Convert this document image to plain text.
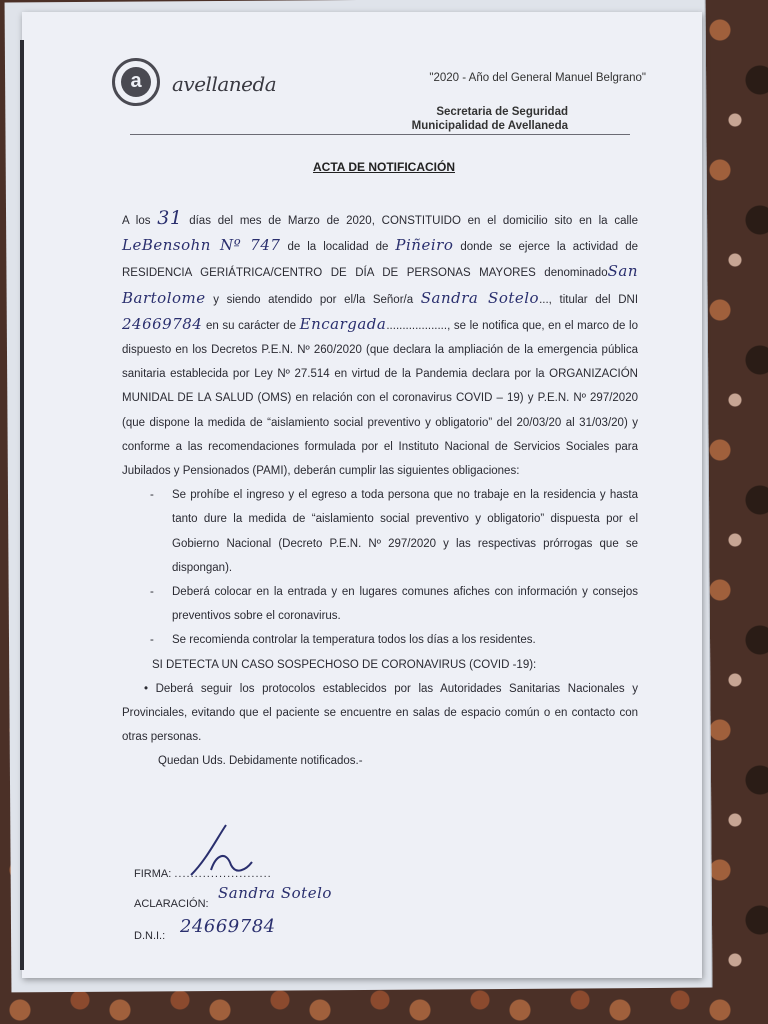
a	avellaneda	"2020 - Año del General Manuel Belgrano"
Secretaria de Seguridad
Municipalidad de Avellaneda
ACTA DE NOTIFICACIÓN

A los 31 días del mes de Marzo de 2020, CONSTITUIDO en el domicilio sito en la calle LeBensohn Nº 747 de la localidad de Piñeiro donde se ejerce la actividad de RESIDENCIA GERIÁTRICA/CENTRO DE DÍA DE PERSONAS MAYORES denominadoSan Bartolome y siendo atendido por el/la Señor/a Sandra Sotelo..., titular del DNI 24669784 en su carácter de Encargada..................., se le notifica que, en el marco de lo dispuesto en los Decretos P.E.N. Nº 260/2020 (que declara la ampliación de la emergencia pública sanitaria establecida por Ley Nº 27.514 en virtud de la Pandemia declara por la ORGANIZACIÓN MUNIDAL DE LA SALUD (OMS) en relación con el coronavirus COVID – 19) y P.E.N. Nº 297/2020 (que dispone la medida de “aislamiento social preventivo y obligatorio” del 20/03/20 al 31/03/20) y conforme a las recomendaciones formulada por el Instituto Nacional de Servicios Sociales para Jubilados y Pensionados (PAMI), deberán cumplir las siguientes obligaciones:

- Se prohíbe el ingreso y el egreso a toda persona que no trabaje en la residencia y hasta tanto dure la medida de “aislamiento social preventivo y obligatorio” dispuesta por el Gobierno Nacional (Decreto P.E.N. Nº 297/2020 y las respectivas prórrogas que se dispongan).
- Deberá colocar en la entrada y en lugares comunes afiches con información y consejos preventivos sobre el coronavirus.
- Se recomienda controlar la temperatura todos los días a los residentes.

SI DETECTA UN CASO SOSPECHOSO DE CORONAVIRUS (COVID -19):

• Deberá seguir los protocolos establecidos por las Autoridades Sanitarias Nacionales y Provinciales, evitando que el paciente se encuentre en salas de espacio común o en contacto con otras personas.

Quedan Uds. Debidamente notificados.-

FIRMA: ........................
ACLARACIÓN:
Sandra Sotelo
D.N.I.: 24669784
